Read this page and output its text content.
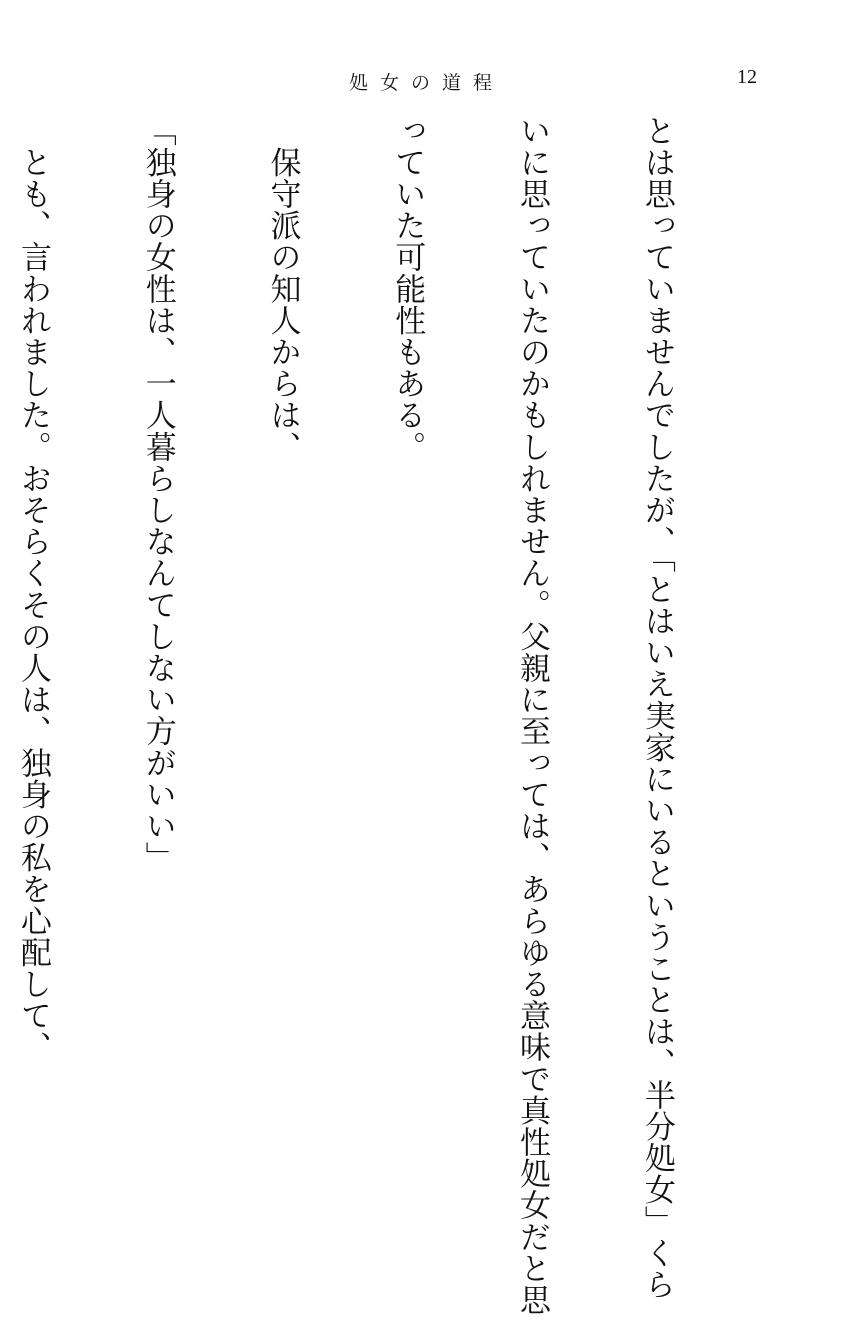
処女の道程	12

とは思っていませんでしたが、「とはいえ実家にいるということは、半分処女」くら

いに思っていたのかもしれません。父親に至っては、あらゆる意味で真性処女だと思

っていた可能性もある。

　保守派の知人からは、

「独身の女性は、一人暮らしなんてしない方がいい」

　とも、言われました。おそらくその人は、独身の私を心配して、
